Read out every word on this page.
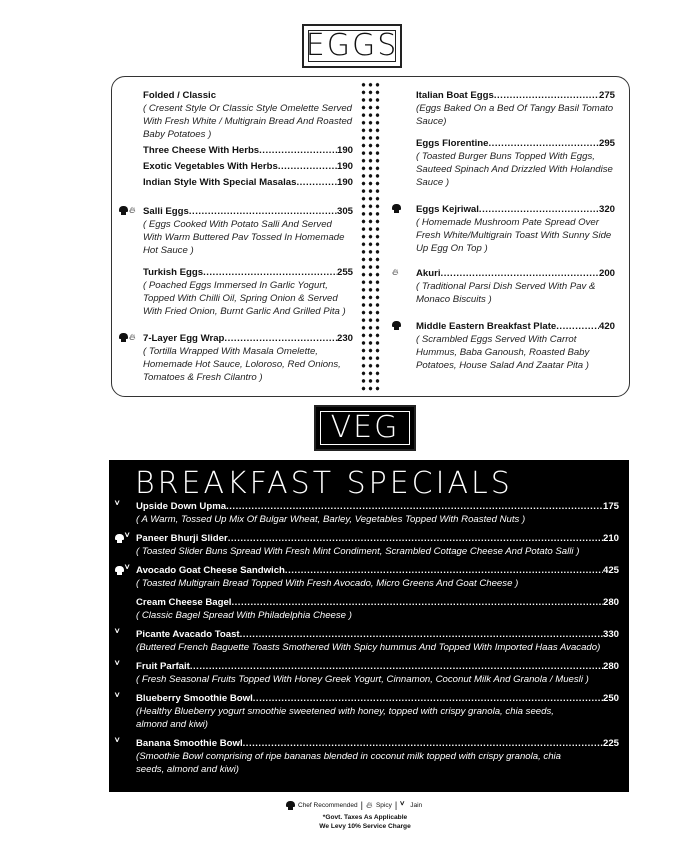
EGGS
Folded / Classic
( Cresent Style Or Classic Style Omelette Served With Fresh White / Multigrain Bread And Roasted Baby Potatoes )
Three Cheese With Herbs .....	190
Exotic Vegetables With Herbs .....	190
Indian Style With Special Masalas .....	190
🔥︎ Salli Eggs .....	305
( Eggs Cooked With Potato Salli And Served With Warm Buttered Pav Tossed In Homemade Hot Sauce )
Turkish Eggs .....	255
( Poached Eggs Immersed In Garlic Yogurt, Topped With Chilli Oil, Spring Onion & Served With Fried Onion, Burnt Garlic And Grilled Pita )
🔥︎ 7-Layer Egg Wrap .....	230
( Tortilla Wrapped With Masala Omelette, Homemade Hot Sauce, Loloroso, Red Onions, Tomatoes & Fresh Cilantro )
Italian Boat Eggs .....	275
(Eggs Baked On a Bed Of Tangy Basil Tomato Sauce)
Eggs Florentine .....	295
( Toasted Burger Buns Topped With Eggs, Sauteed Spinach And Drizzled With Holandise Sauce )
Eggs Kejriwal .....	320
( Homemade Mushroom Pate Spread Over Fresh White/Multigrain Toast With Sunny Side Up Egg On Top )
🔥︎ Akuri .....	200
( Traditional Parsi Dish Served With Pav & Monaco Biscuits )
Middle Eastern Breakfast Plate .....	420
( Scrambled Eggs Served With Carrot Hummus, Baba Ganoush, Roasted Baby Potatoes, House Salad And Zaatar Pita )
VEG
BREAKFAST SPECIALS
ⱽ Upside Down Upma .....	175
( A Warm, Tossed Up Mix Of Bulgar Wheat, Barley, Vegetables Topped With Roasted Nuts )
ⱽ Paneer Bhurji Slider .....	210
( Toasted Slider Buns Spread With Fresh Mint Condiment, Scrambled Cottage Cheese And Potato Salli )
ⱽ Avocado Goat Cheese Sandwich .....	425
( Toasted Multigrain Bread Topped With Fresh Avocado, Micro Greens And Goat Cheese )
Cream Cheese Bagel .....	280
( Classic Bagel Spread With Philadelphia Cheese )
ⱽ Picante Avacado Toast .....	330
(Buttered French Baguette Toasts Smothered With Spicy hummus And Topped With Imported Haas Avacado)
ⱽ Fruit Parfait .....	280
( Fresh Seasonal Fruits Topped With Honey Greek Yogurt, Cinnamon, Coconut Milk And Granola / Muesli )
ⱽ Blueberry Smoothie Bowl .....	250
(Healthy Blueberry yogurt smoothie sweetened with honey, topped with crispy granola, chia seeds, almond and kiwi)
ⱽ Banana Smoothie Bowl .....	225
(Smoothie Bowl comprising of ripe bananas blended in coconut milk topped with crispy granola, chia seeds, almond and kiwi)
Chef Recommended | 🔥︎ Spicy | ⱽ Jain
*Govt. Taxes As Applicable
We Levy 10% Service Charge
